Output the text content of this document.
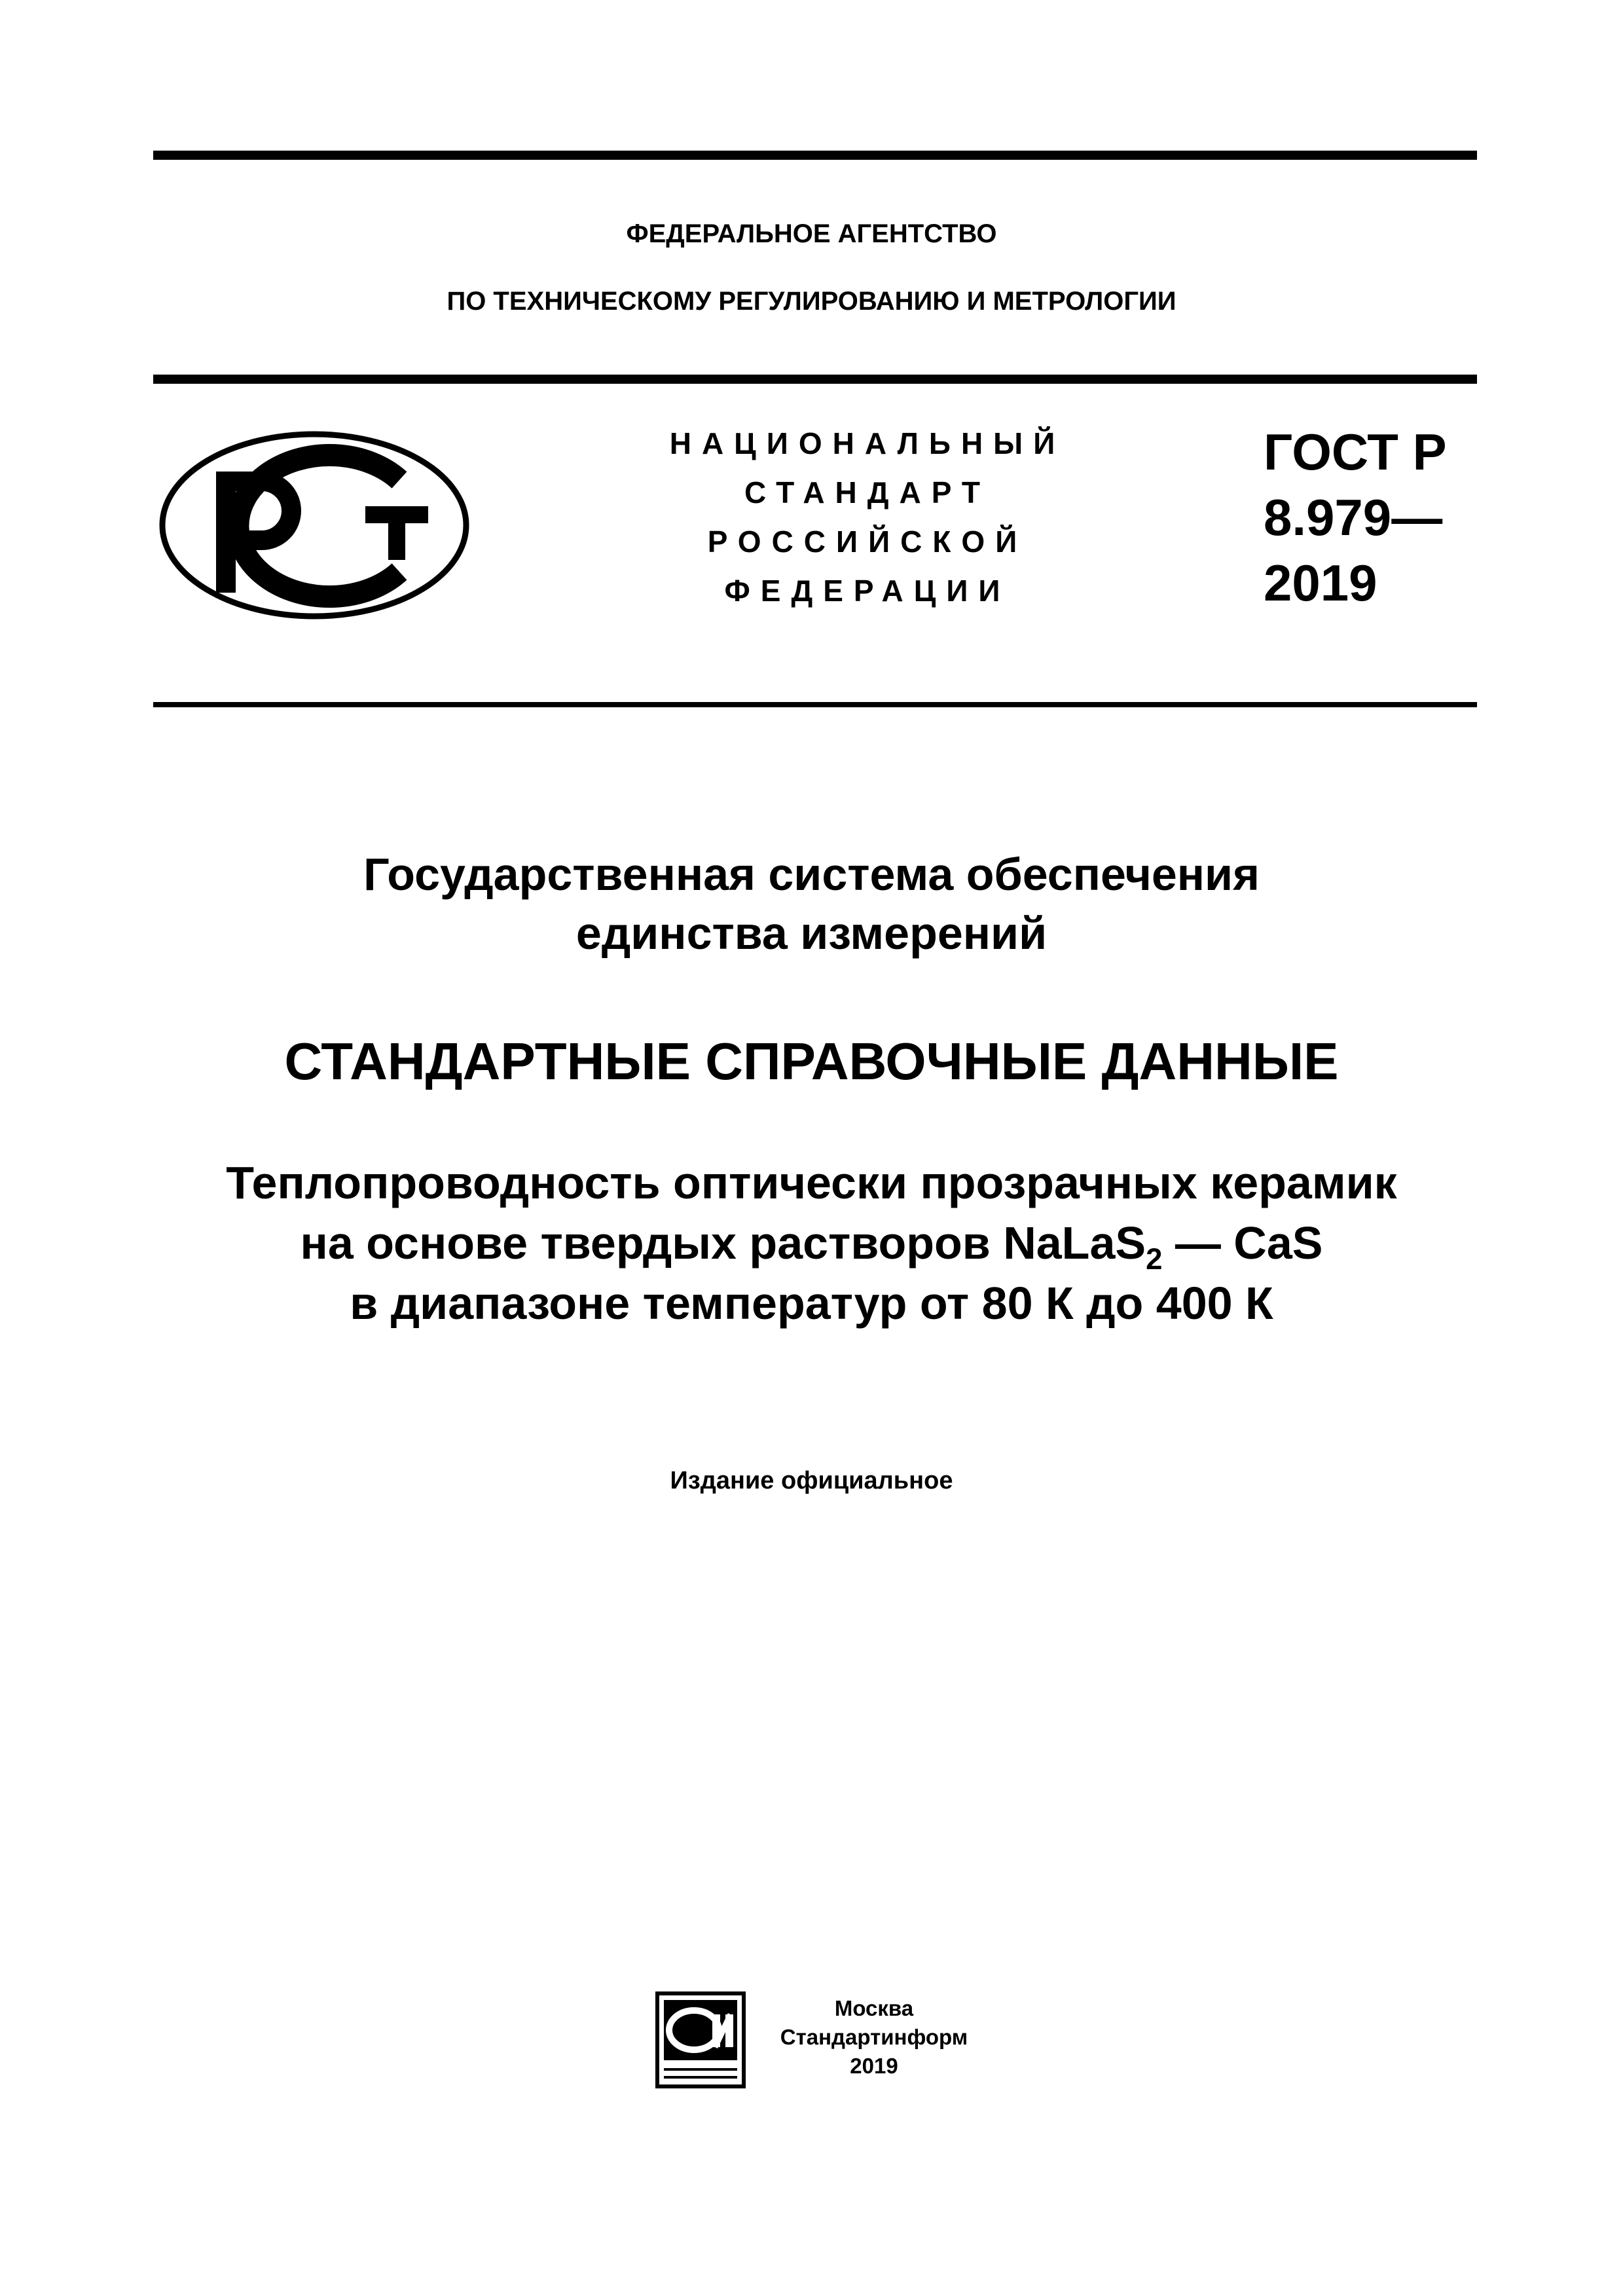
ФЕДЕРАЛЬНОЕ АГЕНТСТВО
ПО ТЕХНИЧЕСКОМУ РЕГУЛИРОВАНИЮ И МЕТРОЛОГИИ
НАЦИОНАЛЬНЫЙ
СТАНДАРТ
РОССИЙСКОЙ
ФЕДЕРАЦИИ
ГОСТ Р
8.979—
2019
Государственная система обеспечения
единства измерений
СТАНДАРТНЫЕ СПРАВОЧНЫЕ ДАННЫЕ
Теплопроводность оптически прозрачных керамик
на основе твердых растворов NaLaS$_2$ — CaS
в диапазоне температур от 80 К до 400 К
Издание официальное
Москва
Стандартинформ
2019
